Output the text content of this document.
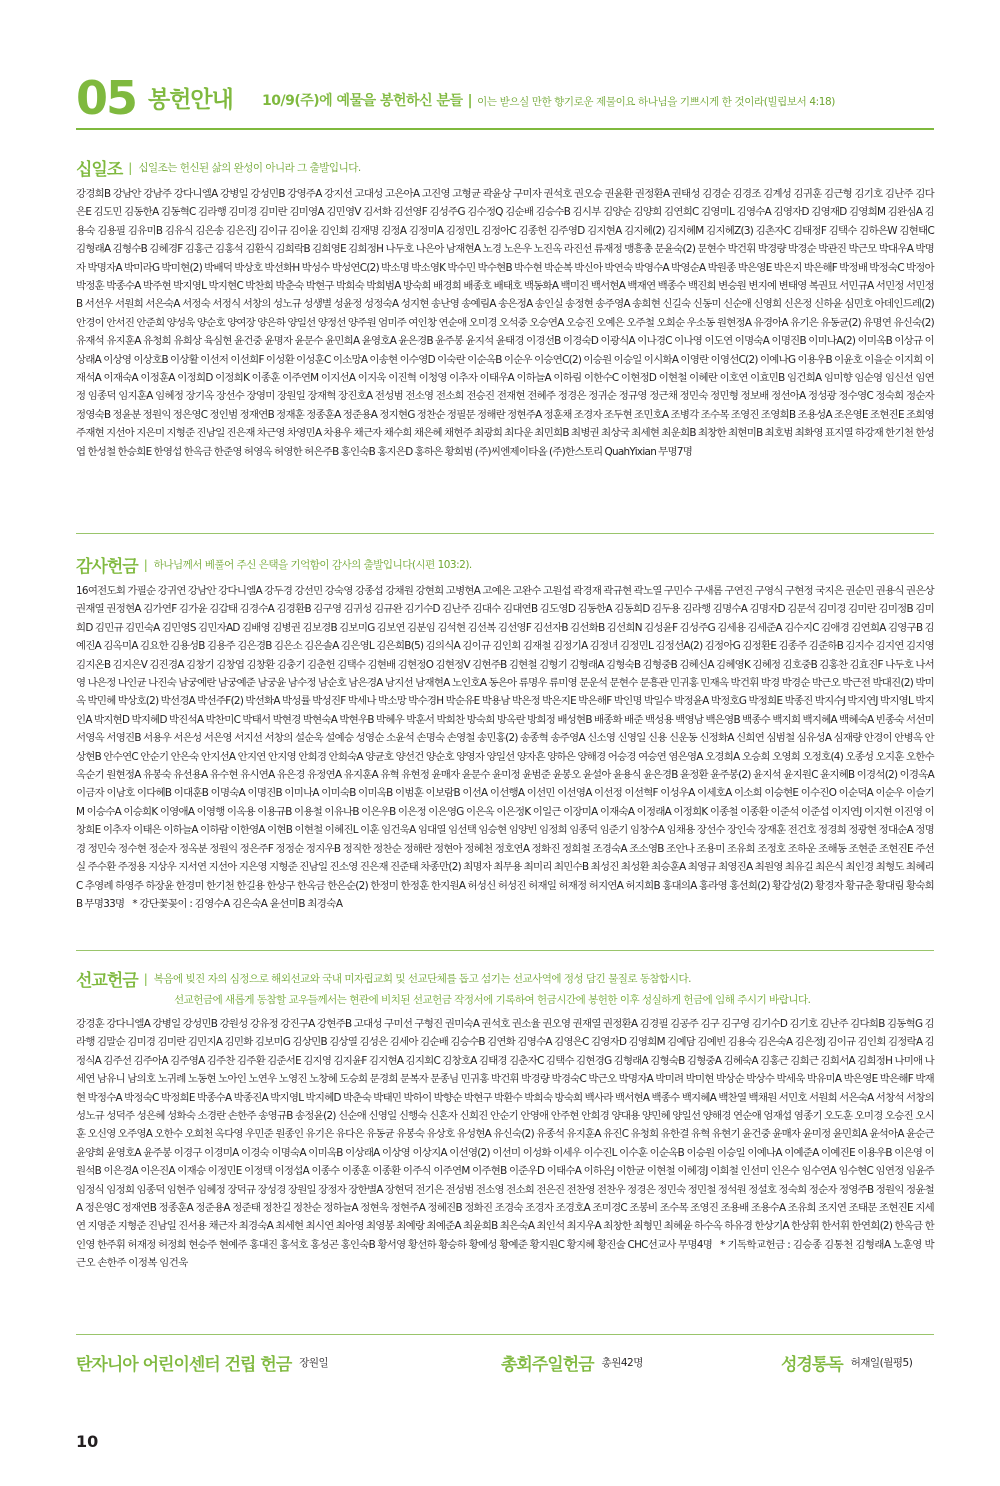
05 봉헌안내 10/9(주)에 예물을 봉헌하신 분들 | 이는 받으실 만한 향기로운 제물이요 하나님을 기쁘시게 한 것이라(빌립보서 4:18)
십일조 | 십일조는 헌신된 삶의 완성이 아니라 그 출발입니다.
강경희B 강남안 강남주 강다니엘A 강병일 강성민B 강영주A 강지선 고대성 고은아A 고진영 고형균 곽윤상 구미자 권석호 권오승 권윤환 권정환A 권태성 김경순 김경조 김계성 김귀훈 김근형 김기호 김난주 김다은E 김도민 김동한A 김동혁C 김라행 김미경 김미란 김미영A 김민영V 김서화 김선영F 김성주G 김수정Q 김순배 김승수B 김시부 김양순 김양희 김연희C 김영미L 김영수A 김영자D 김영재D 김영희M 김완심A 김용숙 김용필 김유미B 김유식 김은송 김은진J 김이규 김이윤 김인회 김재명 김정A 김정미A 김정민L 김정아C 김종헌 김주영D 김지현A 김지혜(2) 김지혜M 김지혜Z(3) 김촌자C 김태정F 김택수 김하은W 김현태C 김형래A 김형수B 김혜경F 김홍근 김홍석 김환식 김희락B 김희영E 김희정H 나두호 나은아 남재현A 노경 노은우 노진옥 라진선 류재정 맹흥총 문윤숙(2) 문현수 박건휘 박경량 박경순 박관진 박근모 박대우A 박명자 박명자A 박미라G 박미현(2) 박배덕 박상호 박선화H 박성수 박성연C(2) 박소명 박소영K 박수민 박수현B 박수현 박순복 박신아 박연숙 박영수A 박영순A 박원종 박은영E 박은지 박은해F 박정배 박정숙C 박정아 박정훈 박종수A 박주현 박지영L 박지현C 박찬희 박춘숙 박현구 박희숙 박희범A 방숙희 배경희 배종호 배태호 백동화A 백미진 백서현A 백재연 백종수 백진희 변승원 변지예 변태영 복권묘 서민규A 서민정 서민정B 서선우 서원희 서은숙A 서정숙 서정식 서창의 성노규 성생별 성윤정 성정숙A 성지현 송난영 송예림A 송은정A 송인실 송정현 송주영A 송희현 신길숙 신동미 신순애 신영희 신은정 신하윤 심민호 아데인드레(2) 안경이 안서진 안준희 양성욱 양순호 양여장 양은하 양일선 양정선 양주원 엄미주 여인창 연순애 오미경 오석중 오승연A 오승진 오예은 오주철 오희순 우소동 원현정A 유경아A 유기은 유동균(2) 유명연 유신숙(2) 유재석 유지훈A 유청희 유희상 육심현 윤건중 윤명자 윤문수 윤민희A 윤영호A 윤은경B 윤주봉 윤지석 윤태경 이경선B 이경숙D 이광식A 이나경C 이나영 이도연 이명숙A 이명진B 이미나A(2) 이미옥B 이상규 이상래A 이상영 이상호B 이상활 이선저 이선희F 이성환 이성훈C 이소망A 이송현 이수영D 이숙란 이순옥B 이순우 이승연C(2) 이승원 이승일 이시화A 이영란 이영선C(2) 이예나G 이용우B 이윤호 이을순 이지희 이재석A 이재숙A 이정훈A 이정희D 이정희K 이종훈 이주연M 이지선A 이지욱 이진혁 이청영 이추자 이태우A 이하늘A 이하림 이한수C 이현정D 이현철 이혜란 이호연 이효민B 임건희A 임미향 임순영 임신선 임연정 임종덕 임지훈A 임혜정 장기옥 장선수 장영미 장원일 장재혁 장진호A 전성범 전소영 전소희 전승진 전재현 전혜주 정경은 정귀순 정규영 정근채 정민숙 정민형 정보배 정선아A 정성광 정수영C 정숙희 정순자 정영숙B 정윤분 정원익 정은영C 정인범 정재연B 정재훈 정종훈A 정준용A 정지현G 정찬순 정필문 정해란 정현주A 정훈채 조경자 조두현 조민호A 조병각 조수목 조영진 조영희B 조용성A 조은영E 조현진E 조희영 주재현 지선아 지은미 지형준 진남일 진은재 차근영 차영민A 차용우 채근자 채수희 채은혜 채현주 최광희 최다운 최민희B 최병권 최상국 최세현 최운희B 최창한 최현미B 최호범 최화영 표지열 하강재 한기천 한성엽 한성철 한승희E 한영섭 한옥금 한준영 허영옥 허영한 허은주B 홍인숙B 홍지은D 홍하은 황희범 (주)씨엔제이타올 (주)한스토리 QuahYixian 무명7명
감사헌금 | 하나님께서 베풀어 주신 은택을 기억함이 감사의 출발입니다(시편 103:2).
16여전도회 가필순 강귀연 강남안 강다니엘A 강두경 강선민 강숙영 강종섭 강채원 강현희 고병현A 고예은 고완수 고원섭 곽경재 곽규현 곽노열 구민수 구새롬 구연진 구영식 구현정 국지은 권순민 권용식 권은상 권재열 권정현A 김가연F 김가윤 김갑태 김경수A 김경환B 김구영 김귀성 김규완 김기수D 김난주 김대수 김대연B 김도영D 김동한A 김동희D 김두용 김라행 김명수A 김명자D 김문석 김미경 김미란 김미정B 김미희D 김민규 김민숙A 김민영S 김민자AD 김배영 김병권 김보경B 김보미G 김보연 김분임 김석현 김선복 김선영F 김선자B 김선화B 김선희N 김성윤F 김성주G 김세용 김세준A 김수지C 김애경 김연희A 김영구B 김예진A 김옥미A 김요한 김용성B 김용주 김은경B 김은소 김은솔A 김은영L 김은희B(5) 김의식A 김이규 김인회 김재철 김정기A 김정녀 김정민L 김정선A(2) 김정아G 김정환E 김종주 김준하B 김지수 김지연 김지영 김지온B 김지은V 김진경A 김창기 김창엽 김창환 김충기 김춘헌 김택수 김현배 김현정O 김현정V 김현주B 김현철 김형기 김형래A 김형숙B 김형중B 김혜신A 김혜영K 김혜정 김호중B 김홍찬 김효진F 나두호 나서영 나은정 나인균 나진숙 남궁예란 남궁예준 남궁윤 남수정 남순호 남은경A 남지선 남재현A 노인호A 동은아 류명우 류미영 문운석 문현수 문흥관 민귀홍 민재옥 박건휘 박경 박경순 박근오 박근전 박대진(2) 박미옥 박민혜 박상호(2) 박선경A 박선주F(2) 박선화A 박성률 박성진F 박세나 박소망 박수경H 박순유E 박용남 박은정 박은지E 박은해F 박인명 박일수 박정윤A 박정호G 박정희E 박종진 박지수J 박지연J 박지영L 박지인A 박지현D 박지혜D 박진석A 박찬미C 박태서 박현경 박현숙A 박현우B 박혜우 박훈서 박희찬 방숙희 방옥란 방희정 배성현B 배종화 배준 백성용 백영남 백은영B 백종수 백지희 백지혜A 백혜숙A 빈종숙 서선미 서영옥 서영진B 서용우 서은성 서은영 서지선 서창의 설순욱 설예승 성영순 소윤석 손명숙 손영철 송민홍(2) 송종혁 송주영A 신소영 신영일 신용 신운동 신정화A 신희연 심범철 심유성A 심재량 안경이 안병옥 안상현B 안수연C 안순기 안은숙 안지선A 안지연 안지영 안희경 안희숙A 양균호 양선건 양순호 양영자 양일선 양자흔 양하은 양해경 어승경 여승연 염은영A 오경희A 오승희 오영희 오정호(4) 오종성 오지훈 오한수 옥순기 원현정A 유봉숙 유선용A 유수현 유시연A 유은경 유정연A 유지훈A 유혁 유현정 윤매자 윤문수 윤미정 윤범준 윤봉오 윤설아 윤용식 윤은경B 윤정환 윤주봉(2) 윤지석 윤지원C 윤지혜B 이경석(2) 이경옥A 이금자 이남호 이다혜B 이대훈B 이명숙A 이명진B 이미나A 이미숙B 이미옥B 이범훈 이보람B 이선A 이선행A 이선민 이선영A 이선정 이선혁F 이성우A 이세호A 이소희 이승현E 이수진O 이순덕A 이순우 이슬기M 이승수A 이승희K 이영애A 이영행 이옥용 이용규B 이용철 이유나B 이은우B 이은정 이은영G 이은옥 이은정K 이일근 이장미A 이재숙A 이정래A 이정희K 이종철 이종환 이준석 이준섭 이지연J 이지현 이진영 이창희E 이추자 이태은 이하늘A 이하람 이한영A 이현B 이현철 이혜진L 이훈 임건욱A 임대열 임선택 임승현 임양빈 임정희 임종덕 임준기 임창수A 임채용 장선수 장인숙 장재훈 전건호 정경희 정광현 정대순A 정명경 정민숙 정수현 정순자 정옥분 정원익 정은주F 정정순 정지우B 정직한 정찬순 정해란 정현아 정혜천 정호연A 정화진 정희철 조경숙A 조소영B 조안나 조용미 조유희 조정호 조하운 조해동 조현준 조현진E 주선실 주수환 주정용 지상우 지서연 지선아 지은영 지형준 진남일 진소영 진은재 진준태 차종만(2) 최명자 최무용 최미리 최민수B 최성진 최성환 최승훈A 최영규 최영진A 최원영 최유길 최은식 최인경 최형도 최혜리C 추영례 하영주 하장윤 한경미 한기천 한길용 한상구 한옥금 한은순(2) 한정미 한정훈 한지원A 허성신 허성진 허재일 허재정 허지연A 허지희B 홍대의A 홍라영 홍선희(2) 황갑성(2) 황경자 황규춘 황대림 황숙희B 무명33명 * 강단꽃꽂이 : 김영수A 김은숙A 윤선미B 최경숙A
선교헌금 | 복음에 빚진 자의 심정으로 해외선교와 국내 미자립교회 및 선교단체를 돕고 섬기는 선교사역에 정성 담긴 물질로 동참합시다.
선교헌금에 새롭게 동참할 교우들께서는 현관에 비치된 선교헌금 작정서에 기록하여 헌금시간에 봉헌한 이후 성실하게 헌금에 임해 주시기 바랍니다.
강경훈 강다니엘A 강병일 강성민B 강원성 강유정 강진구A 강현주B 고대성 구미선 구형진 권미숙A 권석호 권소율 권오영 권재열 권정환A 김경필 김공주 김구 김구영 김기수D 김기호 김난주 김다희B 김동혁G 김라행 김말순 김미경 김미란 김민지A 김민화 김보미G 김상민B 김상열 김성은 김세아 김순배 김승수B 김연화 김영수A 김영은C 김영자D 김영희M 김예담 김예빈 김용숙 김은숙A 김은정J 김이규 김인회 김정락A 김정식A 김주선 김주아A 김주영A 김주찬 김주환 김준서E 김지영 김지윤F 김지현A 김지회C 김창호A 김태경 김춘자C 김택수 김현경G 김형래A 김형숙B 김형중A 김혜숙A 김홍근 김희근 김희서A 김희정H 나미애 나세연 남유니 남의호 노귀례 노동현 노아인 노연우 노영진 노창혜 도승희 문경희 문복자 문종님 민귀홍 박건휘 박경량 박경숙C 박근오 박명자A 박미려 박미현 박상순 박상수 박세욱 박유미A 박은영E 박은해F 박재현 박정수A 박정숙C 박정희E 박종수A 박종진A 박지영L 박지혜D 박춘숙 박태민 박하이 박향순 박현구 박환수 박희숙 방숙희 백사라 백서현A 백종수 백지혜A 백찬열 백채원 서민호 서원희 서은숙A 서창석 서창의 성노규 성덕주 성은혜 성화숙 소경란 손한주 송영규B 송정윤(2) 신순애 신영일 신행숙 신혼자 신희진 안순기 안영애 안주현 안희경 양대용 양민혜 양일선 양해경 연순애 엄재섭 염종기 오도훈 오미경 오승진 오시훈 오신영 오주영A 오한수 오희천 옥다영 우민준 원종인 유기은 유다은 유동균 유봉숙 유상호 유성현A 유신숙(2) 유종석 유지훈A 유진C 유청희 유한결 유혁 유현기 윤건중 윤매자 윤미정 윤민희A 윤석아A 윤순근 윤양희 윤영호A 윤주봉 이경구 이경미A 이경숙 이명숙A 이미옥B 이상래A 이상영 이상지A 이선영(2) 이선미 이성화 이세우 이수진L 이수훈 이순옥B 이승원 이승일 이예나A 이예준A 이예진E 이용우B 이은영 이원석B 이은경A 이은진A 이재승 이정민E 이정택 이정섭A 이종수 이종훈 이종환 이주식 이주연M 이주현B 이준우D 이태수A 이하은J 이한균 이현철 이혜경J 이희철 인선미 인은수 임수연A 임수현C 임연정 임윤주 임정식 임정희 임종덕 임현주 임혜정 장덕규 장성경 장원일 장정자 장한별A 장현덕 전기은 전성범 전소영 전소희 전은진 전찬영 전찬우 정경은 정민숙 정민철 정석원 정설호 정숙희 정순자 정영주B 정원익 정윤철A 정은영C 정재연B 정종훈A 정준용A 정준태 정찬길 정찬순 정하늘A 정현욱 정현주A 정혜진B 정화진 조경숙 조경자 조경호A 조미경C 조봉비 조수목 조영진 조용배 조용수A 조유희 조지연 조태문 조현진E 지세연 지영준 지형준 진남일 진서용 채근자 최경숙A 최세현 최시연 최아영 최영봉 최예랑 최예준A 최윤희B 최은숙A 최인석 최지우A 최창한 최형민 최혜윤 하수옥 하유경 한상기A 한상휘 한서휘 한연희(2) 한옥금 한인영 한주휘 허재정 허정희 현승주 현예주 홍대진 홍석호 홍성곤 홍인숙B 황서영 황선하 황승하 황예성 황예준 황지원C 황지혜 황진술 CHC선교사 무명4명 * 기독학교헌금 : 김승종 김통천 김형래A 노훈영 박근오 손한주 이정복 임건욱
탄자니아 어린이센터 건립 헌금 장원일	총회주일헌금 총원42명	성경통독 허재일(월평5)
10
